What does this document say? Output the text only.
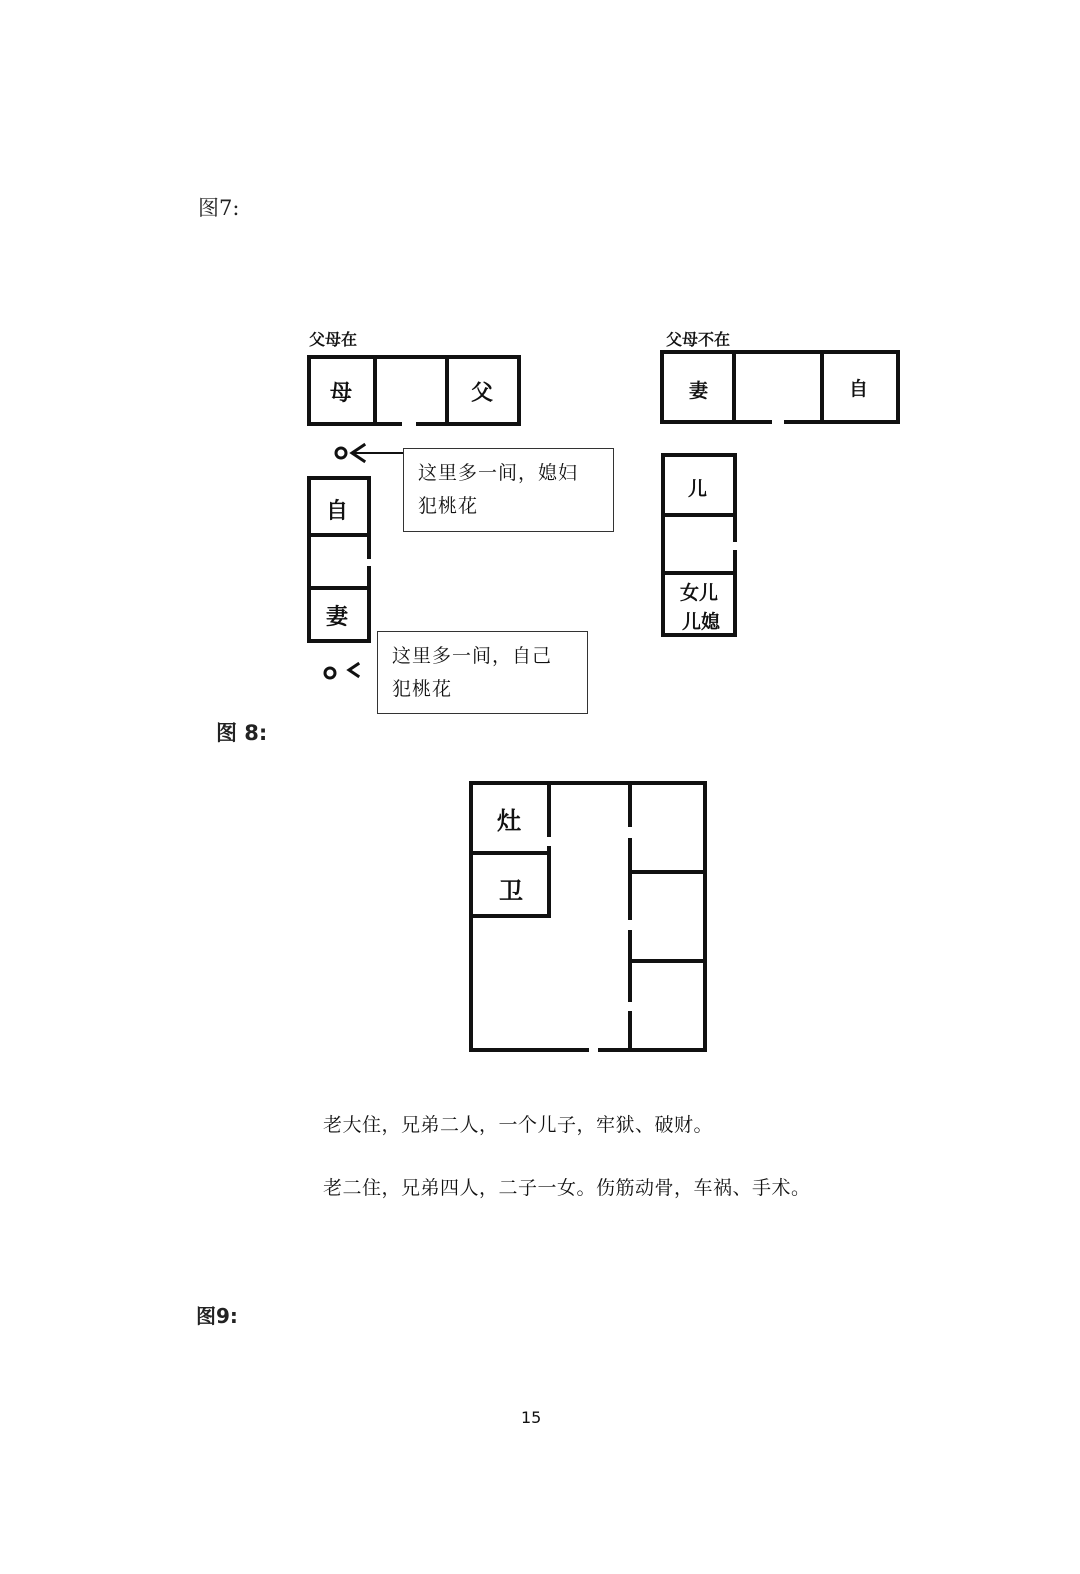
图7:
父母在
母	父
自
妻
这里多一间，媳妇
犯桃花
这里多一间，自己
犯桃花
父母不在
妻	自
儿
女儿
儿媳
图 8:
灶
卫
老大住，兄弟二人，一个儿子，牢狱、破财。
老二住，兄弟四人，二子一女。伤筋动骨，车祸、手术。
图9:
15
